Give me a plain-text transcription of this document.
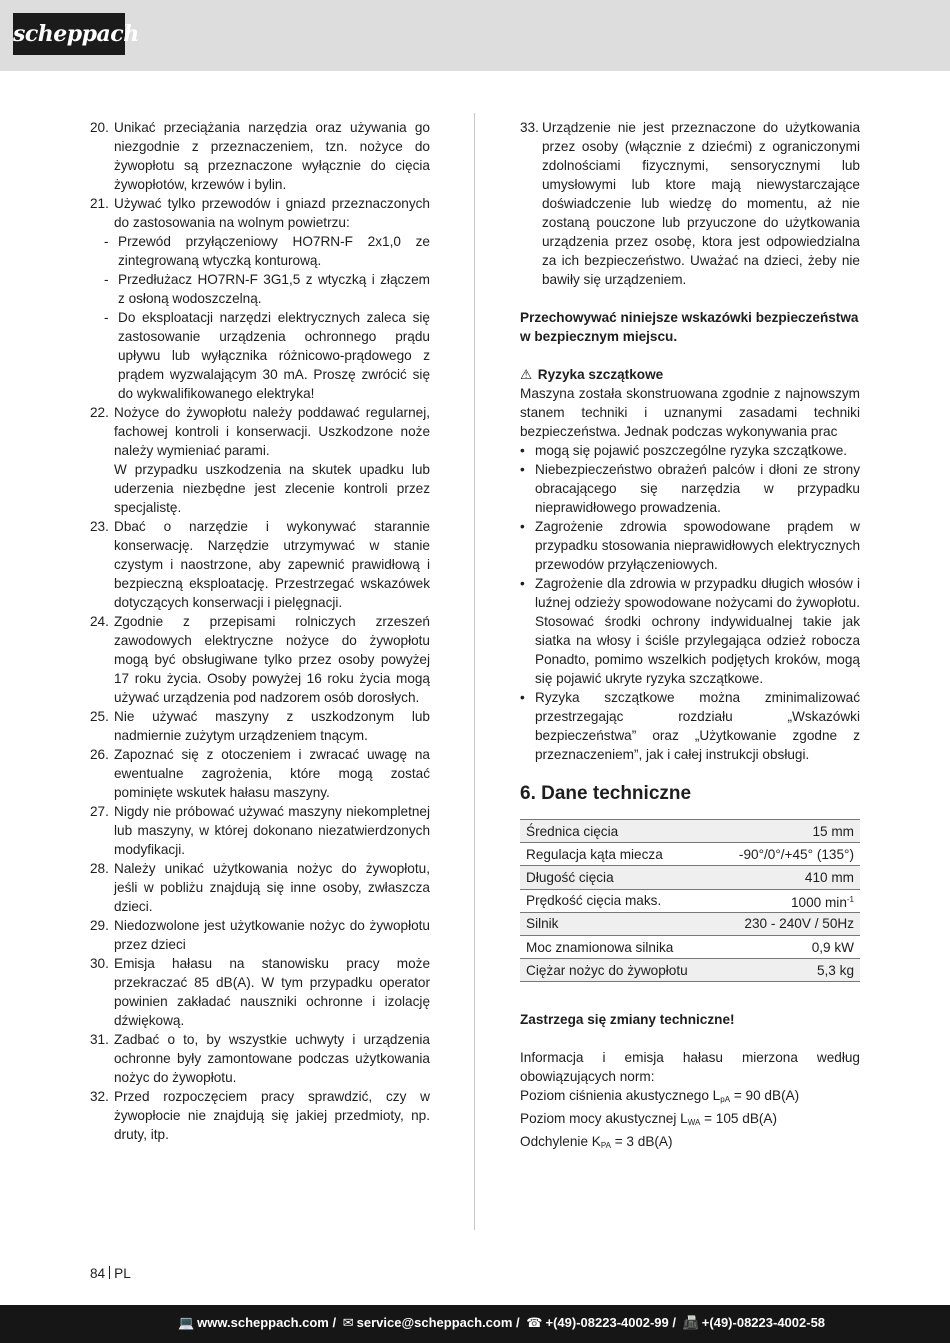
scheppach
20. Unikać przeciążania narzędzia oraz używania go niezgodnie z przeznaczeniem, tzn. nożyce do żywopłotu są przeznaczone wyłącznie do cięcia żywopłotów, krzewów i bylin.
21. Używać tylko przewodów i gniazd przeznaczonych do zastosowania na wolnym powietrzu:
- Przewód przyłączeniowy HO7RN-F 2x1,0 ze zintegrowaną wtyczką konturową.
- Przedłużacz HO7RN-F 3G1,5 z wtyczką i złączem z osłoną wodoszczelną.
- Do eksploatacji narzędzi elektrycznych zaleca się zastosowanie urządzenia ochronnego prądu upływu lub wyłącznika różnicowo-prądowego z prądem wyzwalającym 30 mA. Proszę zwrócić się do wykwalifikowanego elektryka!
22. Nożyce do żywopłotu należy poddawać regularnej, fachowej kontroli i konserwacji. Uszkodzone noże należy wymieniać parami.
W przypadku uszkodzenia na skutek upadku lub uderzenia niezbędne jest zlecenie kontroli przez specjalistę.
23. Dbać o narzędzie i wykonywać starannie konserwację. Narzędzie utrzymywać w stanie czystym i naostrzone, aby zapewnić prawidłową i bezpieczną eksploatację. Przestrzegać wskazówek dotyczących konserwacji i pielęgnacji.
24. Zgodnie z przepisami rolniczych zrzeszeń zawodowych elektryczne nożyce do żywopłotu mogą być obsługiwane tylko przez osoby powyżej 17 roku życia. Osoby powyżej 16 roku życia mogą używać urządzenia pod nadzorem osób dorosłych.
25. Nie używać maszyny z uszkodzonym lub nadmiernie zużytym urządzeniem tnącym.
26. Zapoznać się z otoczeniem i zwracać uwagę na ewentualne zagrożenia, które mogą zostać pominięte wskutek hałasu maszyny.
27. Nigdy nie próbować używać maszyny niekompletnej lub maszyny, w której dokonano niezatwierdzonych modyfikacji.
28. Należy unikać użytkowania nożyc do żywopłotu, jeśli w pobliżu znajdują się inne osoby, zwłaszcza dzieci.
29. Niedozwolone jest użytkowanie nożyc do żywopłotu przez dzieci
30. Emisja hałasu na stanowisku pracy może przekraczać 85 dB(A). W tym przypadku operator powinien zakładać nauszniki ochronne i izolację dźwiękową.
31. Zadbać o to, by wszystkie uchwyty i urządzenia ochronne były zamontowane podczas użytkowania nożyc do żywopłotu.
32. Przed rozpoczęciem pracy sprawdzić, czy w żywopłocie nie znajdują się jakiej przedmioty, np. druty, itp.
33. Urządzenie nie jest przeznaczone do użytkowania przez osoby (włącznie z dziećmi) z ograniczonymi zdolnościami fizycznymi, sensorycznymi lub umysłowymi lub ktore mają niewystarczające doświadczenie lub wiedzę do momentu, aż nie zostaną pouczone lub przyuczone do użytkowania urządzenia przez osobę, ktora jest odpowiedzialna za ich bezpieczeństwo. Uważać na dzieci, żeby nie bawiły się urządzeniem.
Przechowywać niniejsze wskazówki bezpieczeństwa w bezpiecznym miejscu.
⚠ Ryzyka szczątkowe
Maszyna została skonstruowana zgodnie z najnowszym stanem techniki i uznanymi zasadami techniki bezpieczeństwa. Jednak podczas wykonywania prac
• mogą się pojawić poszczególne ryzyka szczątkowe.
• Niebezpieczeństwo obrażeń palców i dłoni ze strony obracającego się narzędzia w przypadku nieprawidłowego prowadzenia.
• Zagrożenie zdrowia spowodowane prądem w przypadku stosowania nieprawidłowych elektrycznych przewodów przyłączeniowych.
• Zagrożenie dla zdrowia w przypadku długich włosów i luźnej odzieży spowodowane nożycami do żywopłotu. Stosować środki ochrony indywidualnej takie jak siatka na włosy i ściśle przylegająca odzież robocza Ponadto, pomimo wszelkich podjętych kroków, mogą się pojawić ukryte ryzyka szczątkowe.
• Ryzyka szczątkowe można zminimalizować przestrzegając rozdziału „Wskazówki bezpieczeństwa” oraz „Użytkowanie zgodne z przeznaczeniem”, jak i całej instrukcji obsługi.
6. Dane techniczne
Średnica cięcia	15 mm
Regulacja kąta miecza	-90°/0°/+45° (135°)
Długość cięcia	410 mm
Prędkość cięcia maks.	1000 $\min^{-1}$
Silnik	230 - 240V / 50Hz
Moc znamionowa silnika	0,9 kW
Ciężar nożyc do żywopłotu	5,3 kg
Zastrzega się zmiany techniczne!
Informacja i emisja hałasu mierzona według obowiązujących norm:
Poziom ciśnienia akustycznego $L_{pA} = 90$ dB(A)
Poziom mocy akustycznej $L_{WA} = 105$ dB(A)
Odchylenie $K_{PA} = 3$ dB(A)
84 PL
💻 www.scheppach.com / ✉ service@scheppach.com / ☎ +(49)-08223-4002-99 / 📠 +(49)-08223-4002-58
